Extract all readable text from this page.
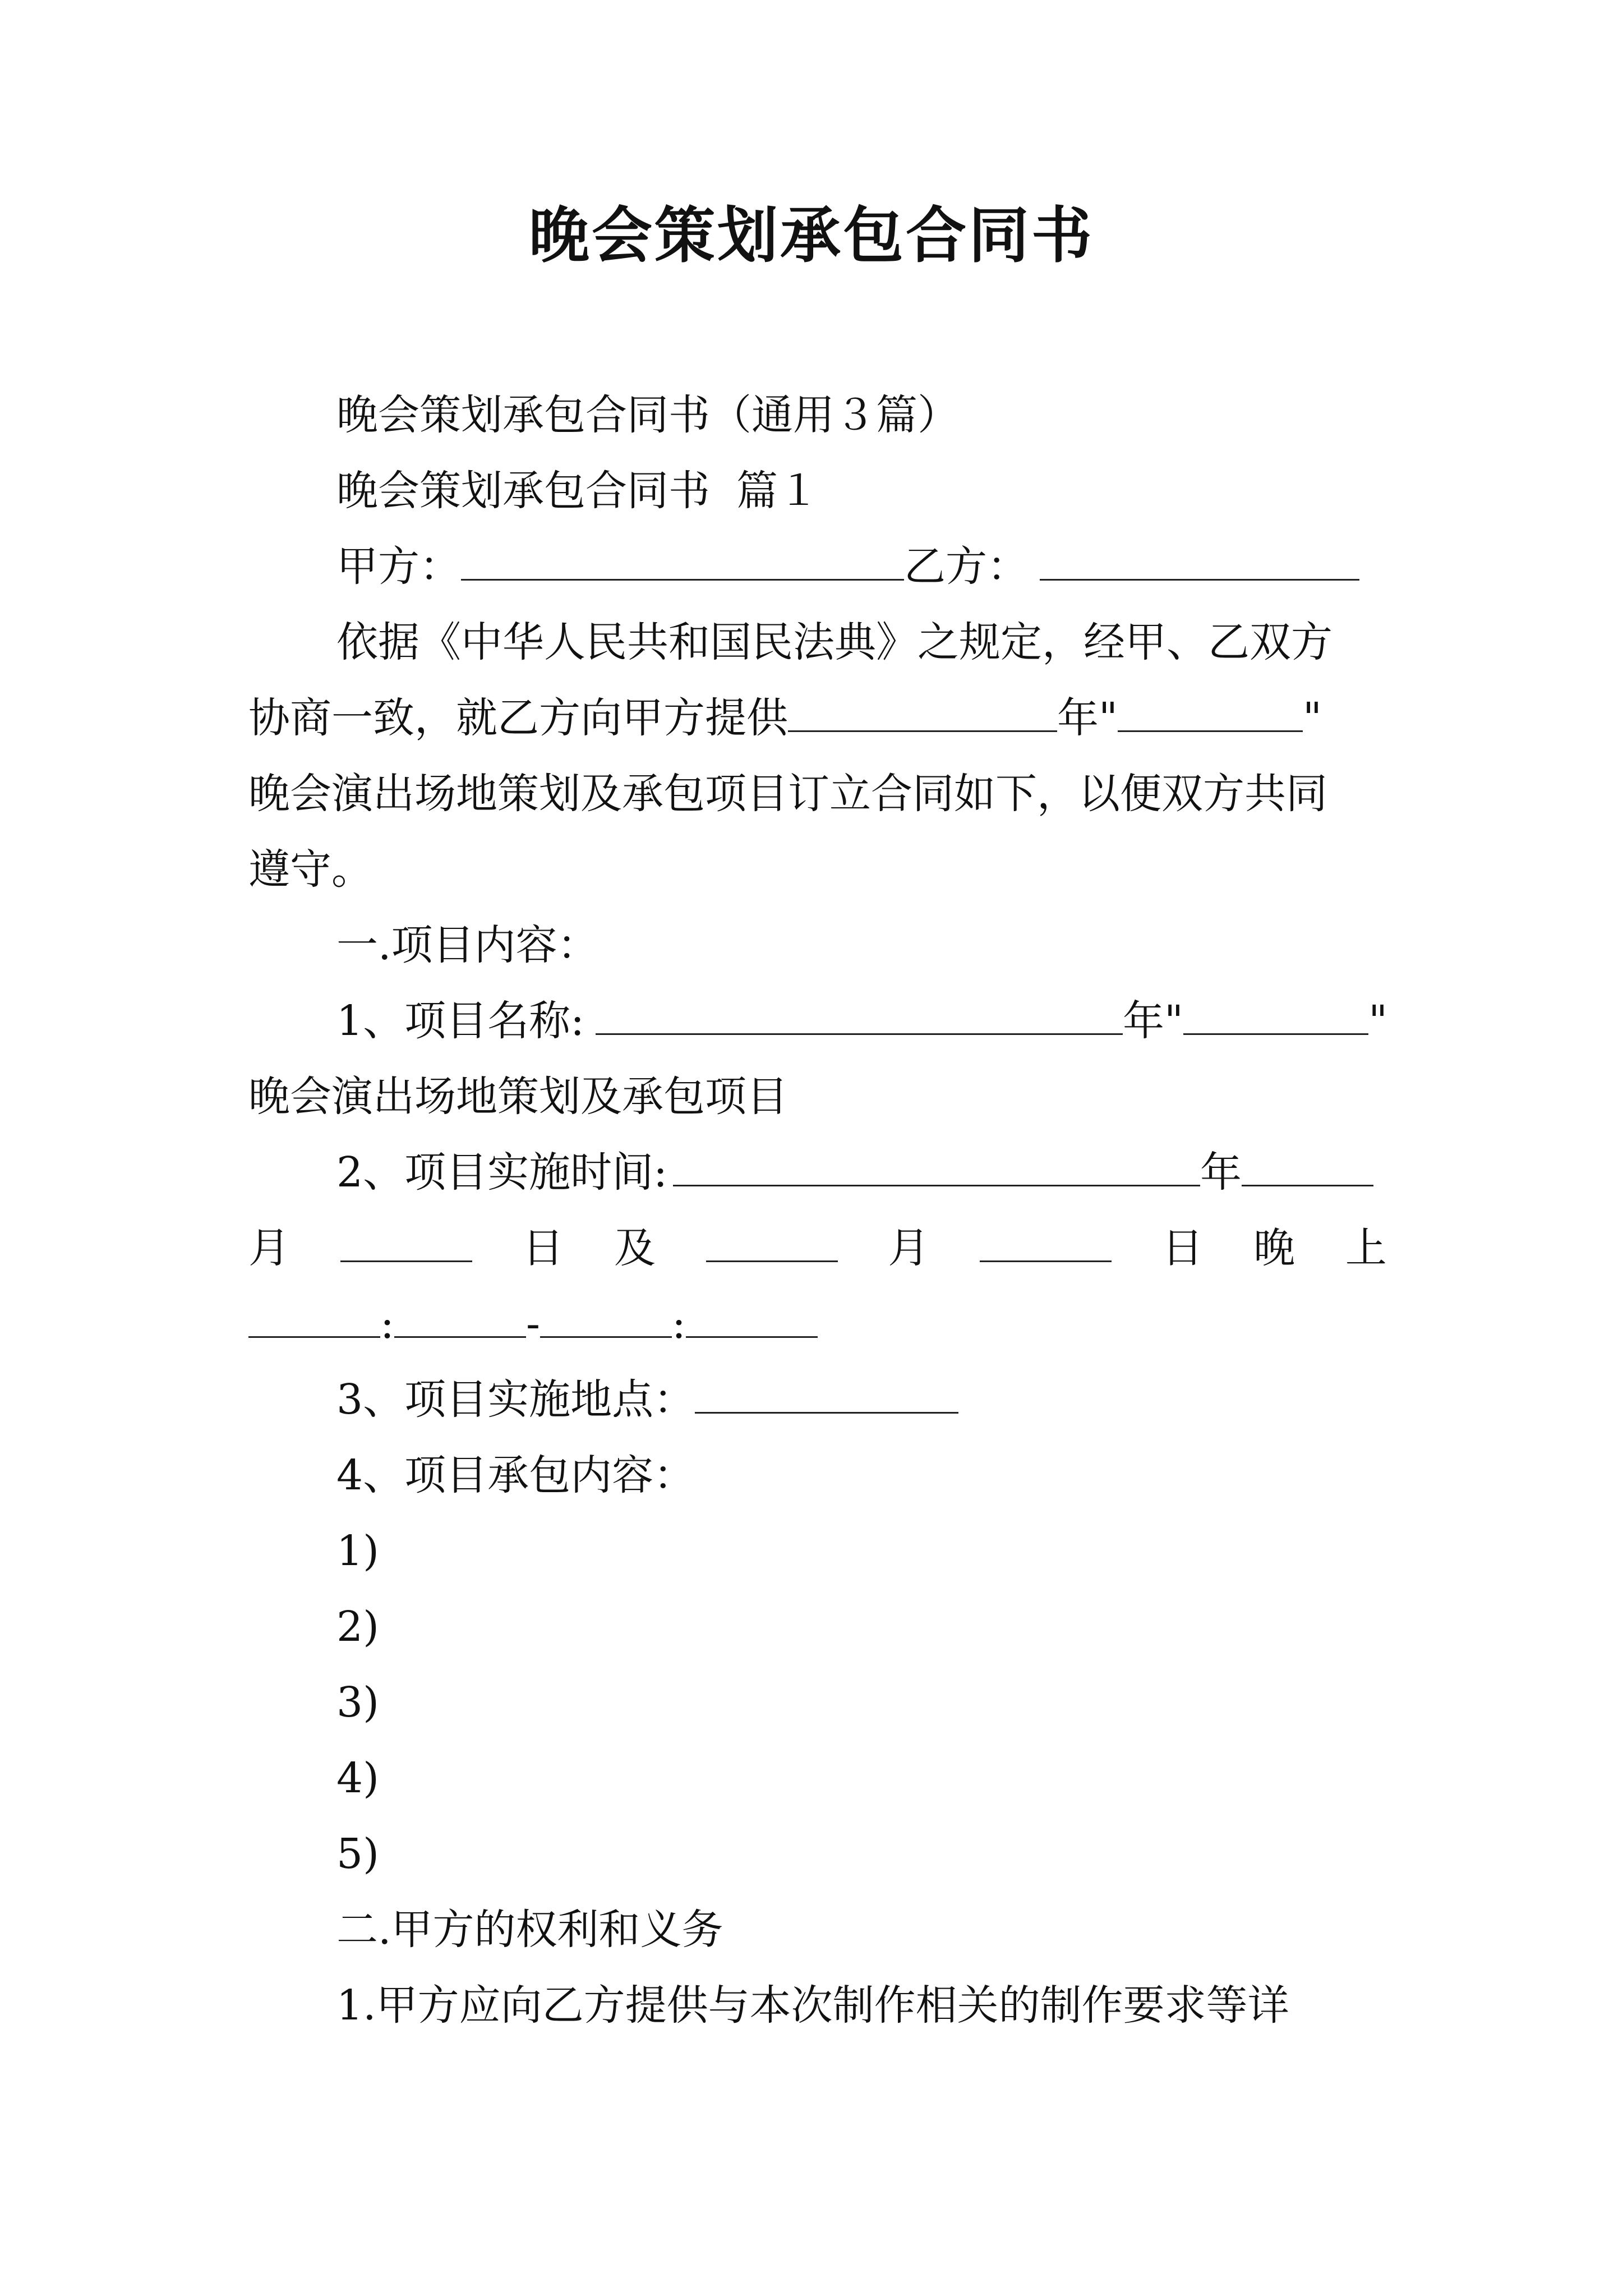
晚会策划承包合同书
晚会策划承包合同书（通用３篇）
晚会策划承包合同书  篇１
甲方：	乙方：
依据《中华人民共和国民法典》之规定，经甲、乙双方
协商一致，就乙方向甲方提供	年"	"
晚会演出场地策划及承包项目订立合同如下，以便双方共同
遵守。
一.项目内容：
1、项目名称:	年"	"
晚会演出场地策划及承包项目
2、项目实施时间:	年
月	日 及	月	日 晚 上
:	-	:
3、项目实施地点：
4、项目承包内容：
1)
2)
3)
4)
5)
二.甲方的权利和义务
1.甲方应向乙方提供与本次制作相关的制作要求等详
